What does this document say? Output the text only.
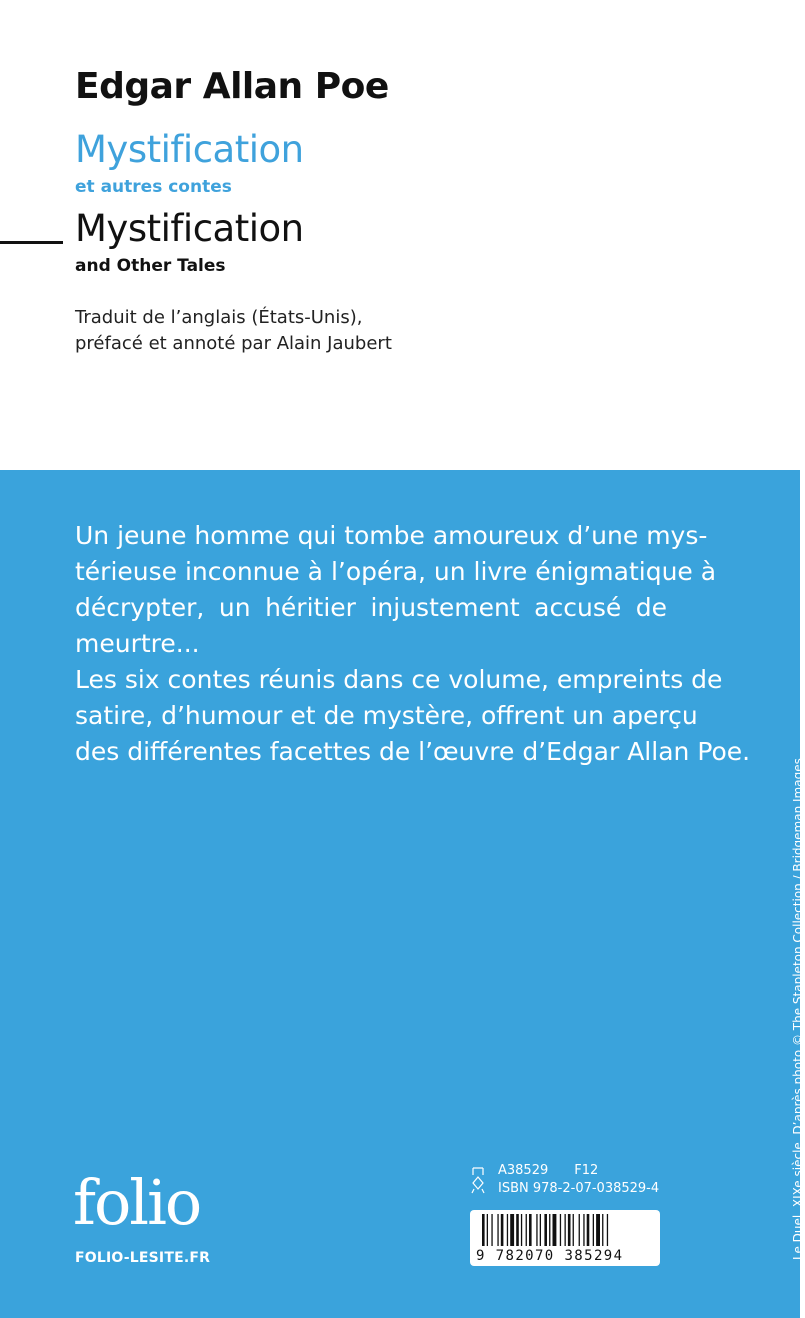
Edgar Allan Poe
Mystification
et autres contes
Mystification
and Other Tales
Traduit de l’anglais (États-Unis),
préfacé et annoté par Alain Jaubert

Un jeune homme qui tombe amoureux d’une mys-
térieuse inconnue à l’opéra, un livre énigmatique à
décrypter, un héritier injustement accusé de
meurtre...

Les six contes réunis dans ce volume, empreints de
satire, d’humour et de mystère, offrent un aperçu
des différentes facettes de l’œuvre d’Edgar Allan Poe.

Le Duel, XIXe siècle. D’après photo © The Stapleton Collection / Bridgeman Images.
folio
FOLIO-LESITE.FR
A38529 F12
ISBN 978-2-07-038529-4
9 782070 385294
